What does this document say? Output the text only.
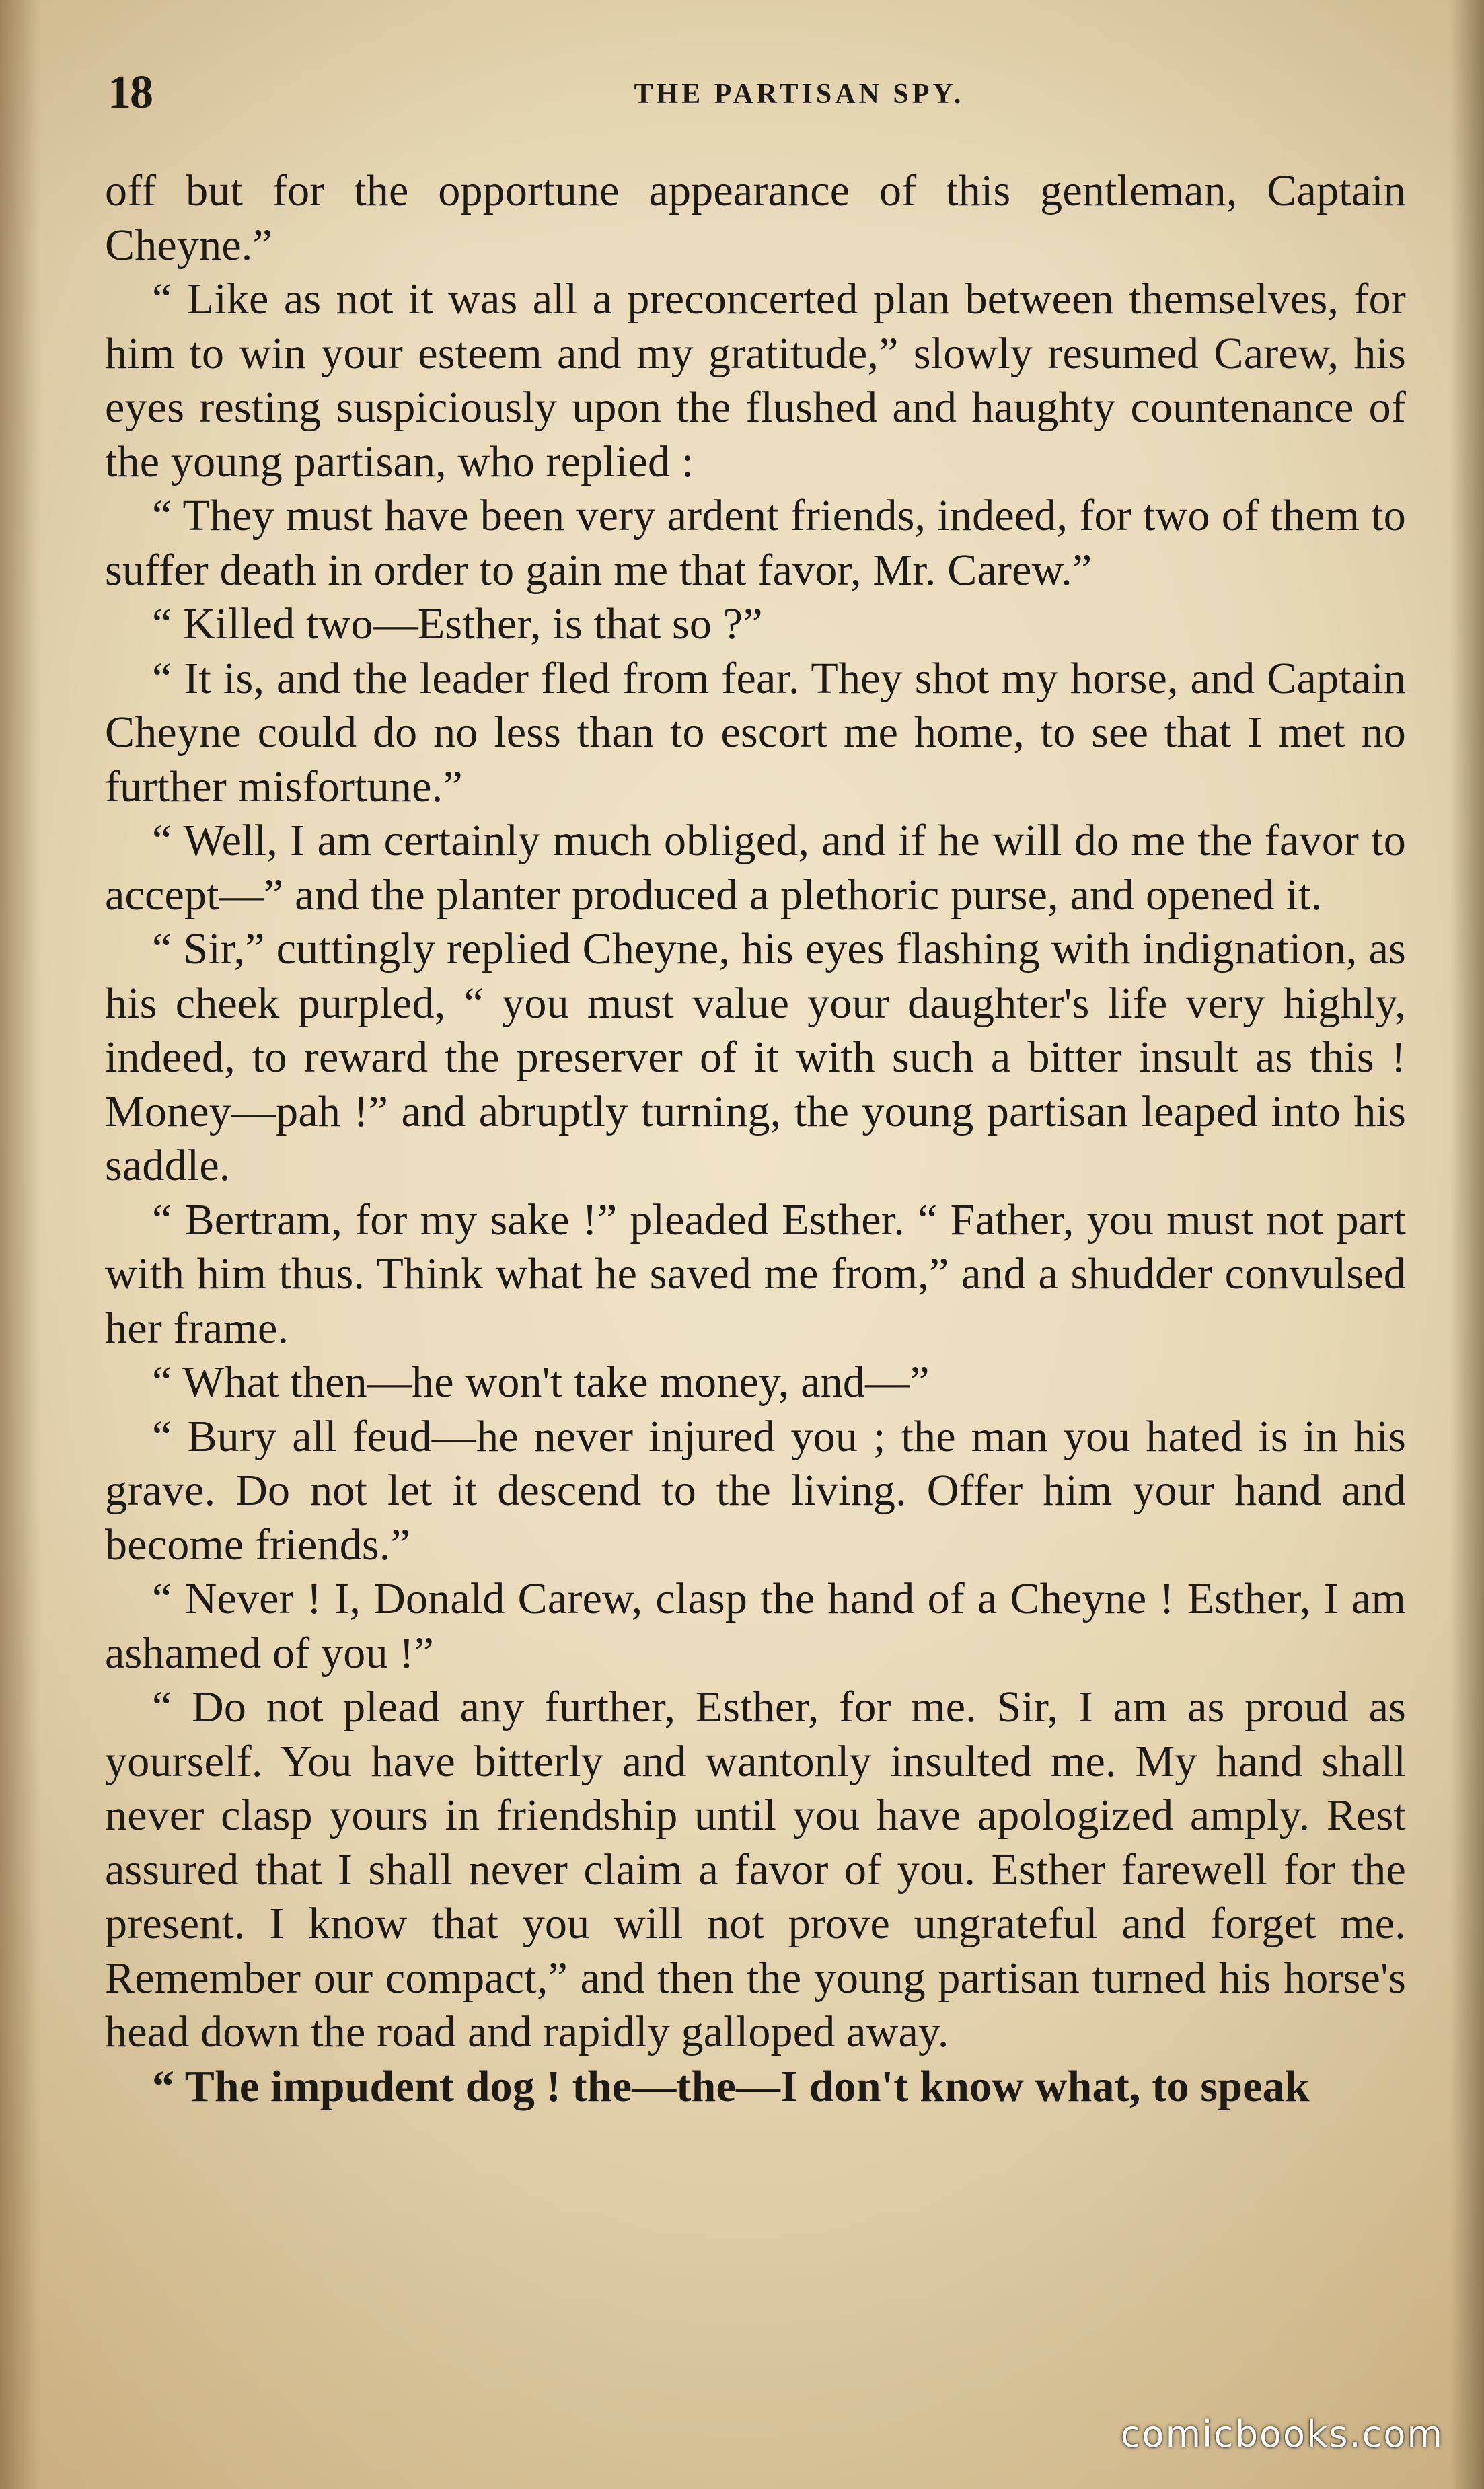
18	THE PARTISAN SPY.

off but for the opportune appearance of this gentleman, Captain Cheyne.”

“ Like as not it was all a preconcerted plan between themselves, for him to win your esteem and my gratitude,” slowly resumed Carew, his eyes resting suspiciously upon the flushed and haughty countenance of the young partisan, who replied :

“ They must have been very ardent friends, indeed, for two of them to suffer death in order to gain me that favor, Mr. Carew.”

“ Killed two—Esther, is that so ?”

“ It is, and the leader fled from fear. They shot my horse, and Captain Cheyne could do no less than to escort me home, to see that I met no further misfortune.”

“ Well, I am certainly much obliged, and if he will do me the favor to accept—” and the planter produced a plethoric purse, and opened it.

“ Sir,” cuttingly replied Cheyne, his eyes flashing with indignation, as his cheek purpled, “ you must value your daughter's life very highly, indeed, to reward the preserver of it with such a bitter insult as this ! Money—pah !” and abruptly turning, the young partisan leaped into his saddle.

“ Bertram, for my sake !” pleaded Esther. “ Father, you must not part with him thus. Think what he saved me from,” and a shudder convulsed her frame.

“ What then—he won't take money, and—”

“ Bury all feud—he never injured you ; the man you hated is in his grave. Do not let it descend to the living. Offer him your hand and become friends.”

“ Never ! I, Donald Carew, clasp the hand of a Cheyne ! Esther, I am ashamed of you !”

“ Do not plead any further, Esther, for me. Sir, I am as proud as yourself. You have bitterly and wantonly insulted me. My hand shall never clasp yours in friendship until you have apologized amply. Rest assured that I shall never claim a favor of you. Esther farewell for the present. I know that you will not prove ungrateful and forget me. Remember our compact,” and then the young partisan turned his horse's head down the road and rapidly galloped away.

“ The impudent dog ! the—the—I don't know what, to speak

comicbooks.com
